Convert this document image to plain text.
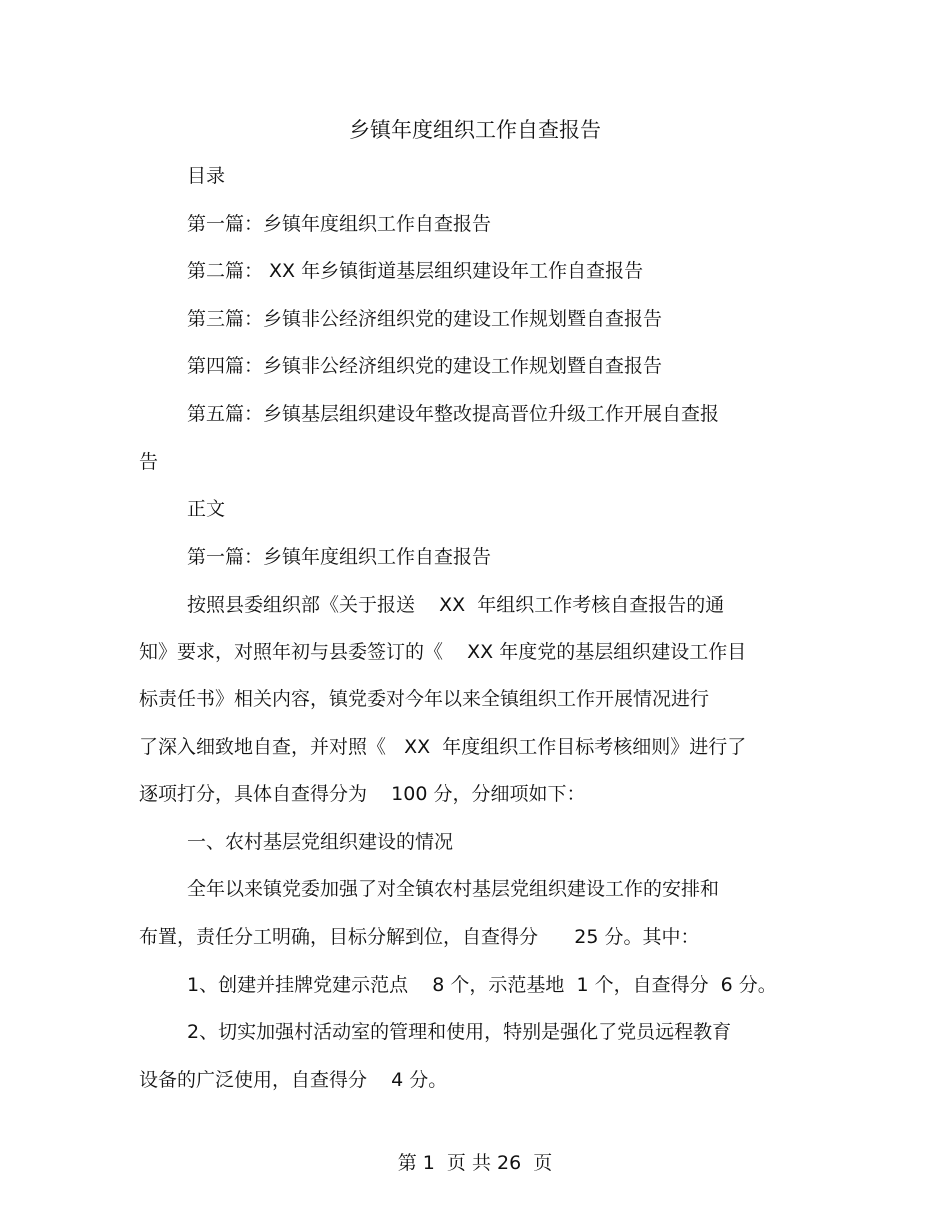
乡镇年度组织工作自查报告
目录
第一篇：乡镇年度组织工作自查报告
第二篇： XX 年乡镇街道基层组织建设年工作自查报告
第三篇：乡镇非公经济组织党的建设工作规划暨自查报告
第四篇：乡镇非公经济组织党的建设工作规划暨自查报告
第五篇：乡镇基层组织建设年整改提高晋位升级工作开展自查报
告
正文
第一篇：乡镇年度组织工作自查报告
按照县委组织部《关于报送    XX  年组织工作考核自查报告的通
知》要求，对照年初与县委签订的《    XX 年度党的基层组织建设工作目
标责任书》相关内容，镇党委对今年以来全镇组织工作开展情况进行
了深入细致地自查，并对照《   XX  年度组织工作目标考核细则》进行了
逐项打分，具体自查得分为    100 分，分细项如下：
一、农村基层党组织建设的情况
全年以来镇党委加强了对全镇农村基层党组织建设工作的安排和
布置，责任分工明确，目标分解到位，自查得分      25 分。其中：
1、创建并挂牌党建示范点    8 个，示范基地  1 个，自查得分  6 分。
2、切实加强村活动室的管理和使用，特别是强化了党员远程教育
设备的广泛使用，自查得分    4 分。
第 1  页 共 26  页
